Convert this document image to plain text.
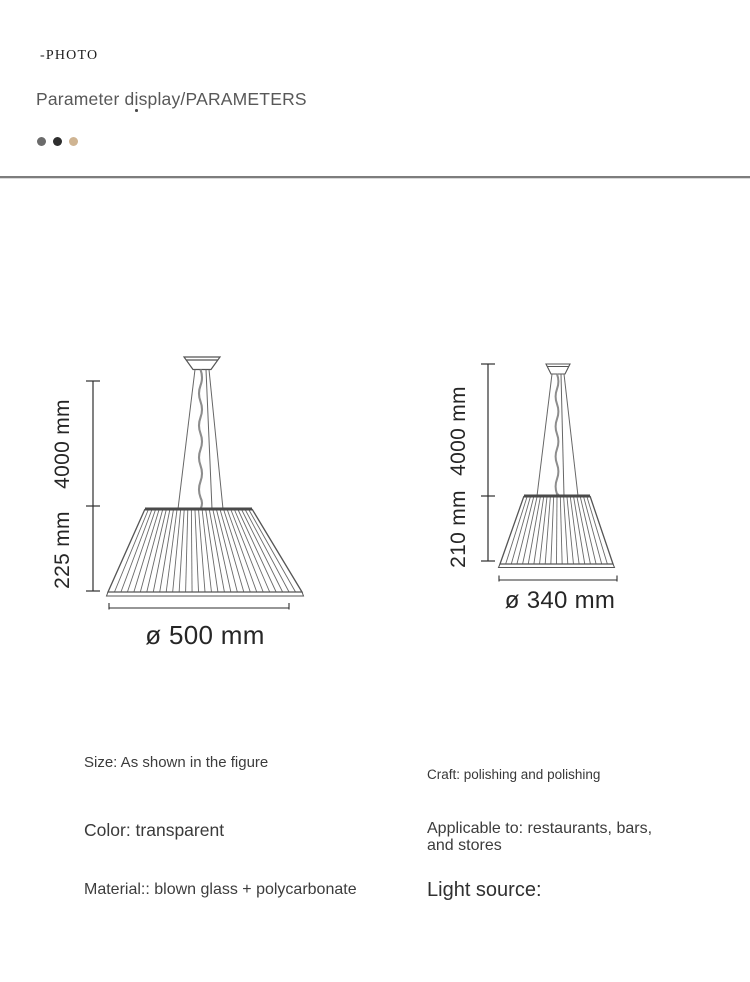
-PHOTO
Parameter display/PARAMETERS
4000 mm
225 mm
ø 500 mm
4000 mm
210 mm
ø 340 mm
Size: As shown in the figure
Craft: polishing and polishing
Color: transparent	Applicable to: restaurants, bars, and stores
Material:: blown glass + polycarbonate	Light source:
